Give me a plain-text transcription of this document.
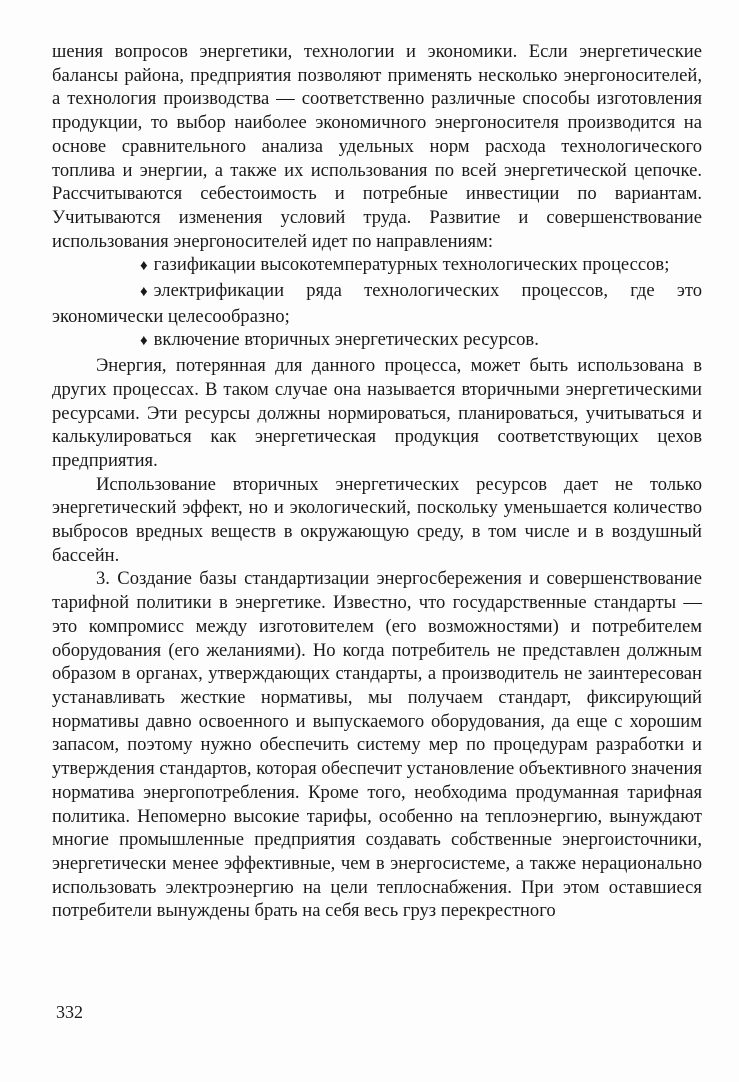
шения вопросов энергетики, технологии и экономики. Если энергетические балансы района, предприятия позволяют применять несколько энергоносителей, а технология производства — соответственно различные способы изготовления продукции, то выбор наиболее экономичного энергоносителя производится на основе сравнительного анализа удельных норм расхода технологического топлива и энергии, а также их использования по всей энергетической цепочке. Рассчитываются себестоимость и потребные инвестиции по вариантам. Учитываются изменения условий труда. Развитие и совершенствование использования энергоносителей идет по направлениям:

♦ газификации высокотемпературных технологических процессов;

♦ электрификации ряда технологических процессов, где это экономически целесообразно;

♦ включение вторичных энергетических ресурсов.

Энергия, потерянная для данного процесса, может быть использована в других процессах. В таком случае она называется вторичными энергетическими ресурсами. Эти ресурсы должны нормироваться, планироваться, учитываться и калькулироваться как энергетическая продукция соответствующих цехов предприятия.

Использование вторичных энергетических ресурсов дает не только энергетический эффект, но и экологический, поскольку уменьшается количество выбросов вредных веществ в окружающую среду, в том числе и в воздушный бассейн.

3. Создание базы стандартизации энергосбережения и совершенствование тарифной политики в энергетике. Известно, что государственные стандарты — это компромисс между изготовителем (его возможностями) и потребителем оборудования (его желаниями). Но когда потребитель не представлен должным образом в органах, утверждающих стандарты, а производитель не заинтересован устанавливать жесткие нормативы, мы получаем стандарт, фиксирующий нормативы давно освоенного и выпускаемого оборудования, да еще с хорошим запасом, поэтому нужно обеспечить систему мер по процедурам разработки и утверждения стандартов, которая обеспечит установление объективного значения норматива энергопотребления. Кроме того, необходима продуманная тарифная политика. Непомерно высокие тарифы, особенно на теплоэнергию, вынуждают многие промышленные предприятия создавать собственные энергоисточники, энергетически менее эффективные, чем в энергосистеме, а также нерационально использовать электроэнергию на цели теплоснабжения. При этом оставшиеся потребители вынуждены брать на себя весь груз перекрестного

332
